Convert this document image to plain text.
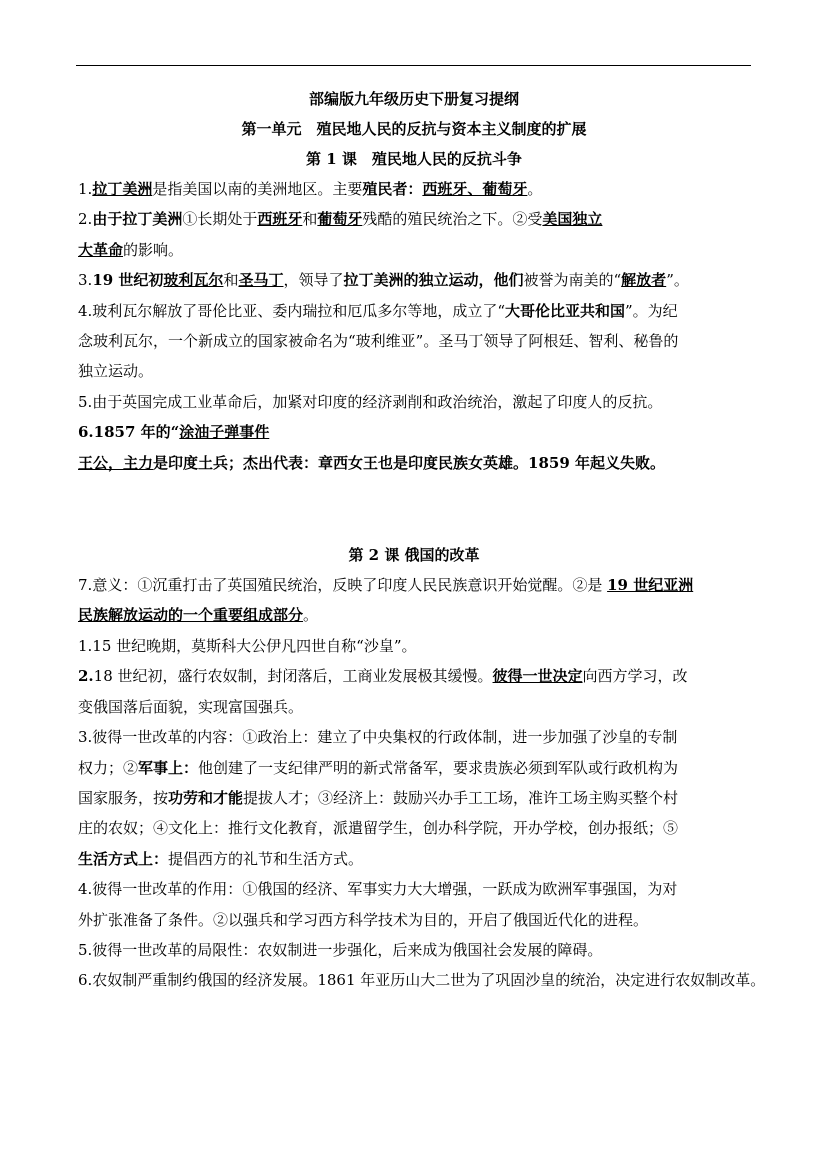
部编版九年级历史下册复习提纲
第一单元　殖民地人民的反抗与资本主义制度的扩展
第 1 课　殖民地人民的反抗斗争

1.拉丁美洲是指美国以南的美洲地区。主要殖民者：西班牙、葡萄牙。

2.由于拉丁美洲①长期处于西班牙和葡萄牙残酷的殖民统治之下。②受美国独立

大革命的影响。

3.19 世纪初玻利瓦尔和圣马丁，领导了拉丁美洲的独立运动，他们被誉为南美的“解放者”。

4.玻利瓦尔解放了哥伦比亚、委内瑞拉和厄瓜多尔等地，成立了“大哥伦比亚共和国”。为纪

念玻利瓦尔，一个新成立的国家被命名为“玻利维亚”。圣马丁领导了阿根廷、智利、秘鲁的

独立运动。

5.由于英国完成工业革命后，加紧对印度的经济剥削和政治统治，激起了印度人的反抗。

6.1857 年的“涂油子弹事件

王公，主力是印度土兵；杰出代表：章西女王也是印度民族女英雄。1859 年起义失败。

第 2 课 俄国的改革

7.意义：①沉重打击了英国殖民统治，反映了印度人民民族意识开始觉醒。②是 19 世纪亚洲

民族解放运动的一个重要组成部分。

1.15 世纪晚期，莫斯科大公伊凡四世自称“沙皇”。

2.18 世纪初，盛行农奴制，封闭落后，工商业发展极其缓慢。彼得一世决定向西方学习，改

变俄国落后面貌，实现富国强兵。

3.彼得一世改革的内容：①政治上：建立了中央集权的行政体制，进一步加强了沙皇的专制

权力；②军事上：他创建了一支纪律严明的新式常备军，要求贵族必须到军队或行政机构为

国家服务，按功劳和才能提拔人才；③经济上：鼓励兴办手工工场，准许工场主购买整个村

庄的农奴；④文化上：推行文化教育，派遣留学生，创办科学院，开办学校，创办报纸；⑤

生活方式上：提倡西方的礼节和生活方式。

4.彼得一世改革的作用：①俄国的经济、军事实力大大增强，一跃成为欧洲军事强国，为对

外扩张准备了条件。②以强兵和学习西方科学技术为目的，开启了俄国近代化的进程。

5.彼得一世改革的局限性：农奴制进一步强化，后来成为俄国社会发展的障碍。

6.农奴制严重制约俄国的经济发展。1861 年亚历山大二世为了巩固沙皇的统治，决定进行农奴制改革。
